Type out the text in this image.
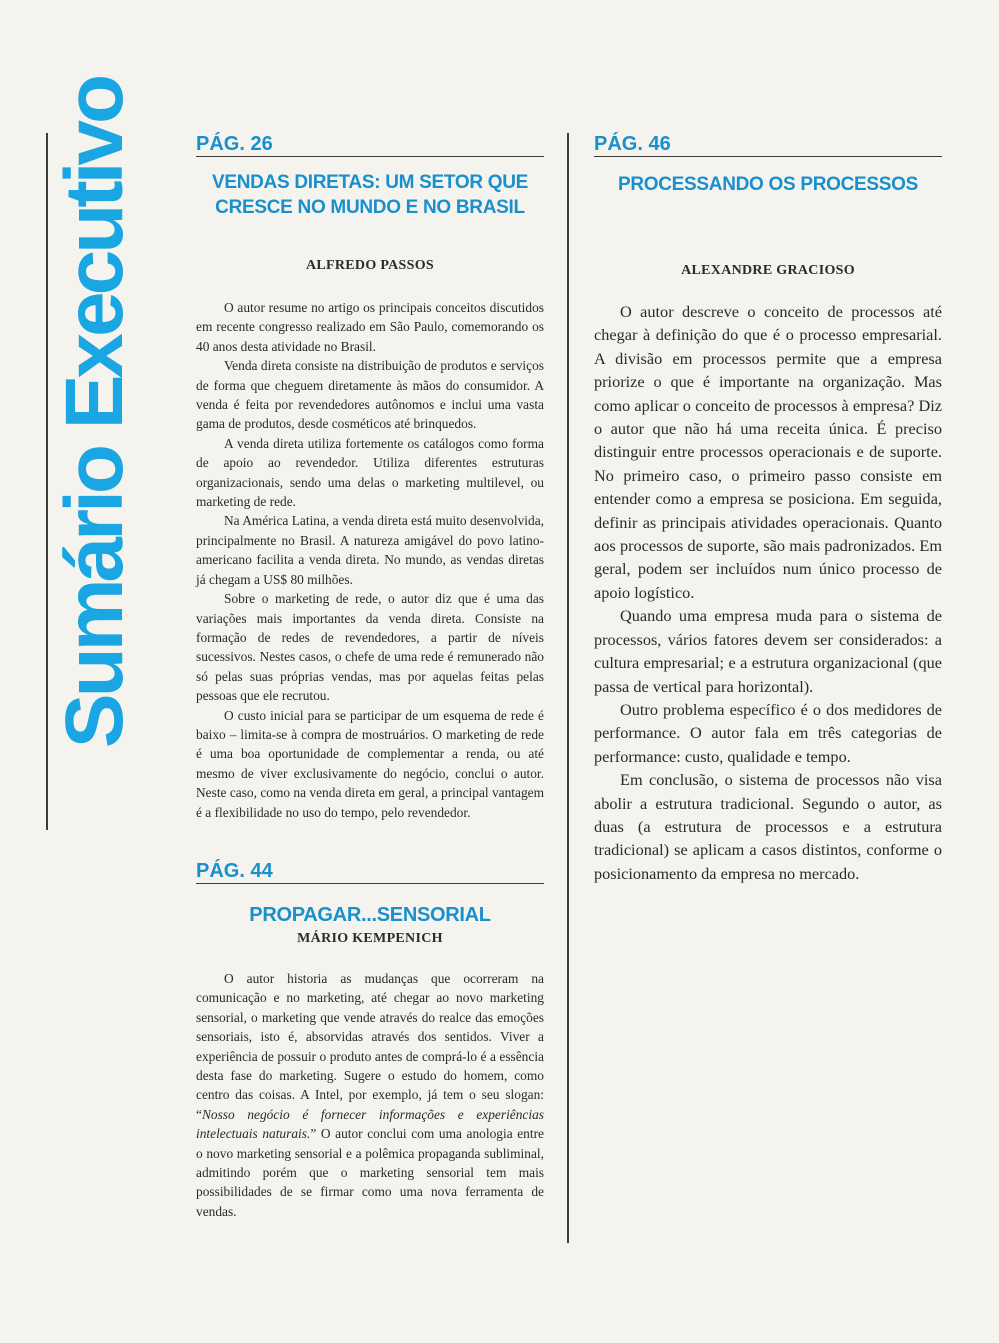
Sumário Executivo	PÁG. 26
VENDAS DIRETAS: UM SETOR QUE
CRESCE NO MUNDO E NO BRASIL
ALFREDO PASSOS

O autor resume no artigo os principais conceitos discutidos em recente congresso realizado em São Paulo, comemorando os 40 anos desta atividade no Brasil.

Venda direta consiste na distribuição de produtos e serviços de forma que cheguem diretamente às mãos do consumidor. A venda é feita por revendedores autônomos e inclui uma vasta gama de produtos, desde cosméticos até brinquedos.

A venda direta utiliza fortemente os catálogos como forma de apoio ao revendedor. Utiliza diferentes estruturas organizacionais, sendo uma delas o marketing multilevel, ou marketing de rede.

Na América Latina, a venda direta está muito desenvolvida, principalmente no Brasil. A natureza amigável do povo latino-americano facilita a venda direta. No mundo, as vendas diretas já chegam a US$ 80 milhões.

Sobre o marketing de rede, o autor diz que é uma das variações mais importantes da venda direta. Consiste na formação de redes de revendedores, a partir de níveis sucessivos. Nestes casos, o chefe de uma rede é remunerado não só pelas suas próprias vendas, mas por aquelas feitas pelas pessoas que ele recrutou.

O custo inicial para se participar de um esquema de rede é baixo – limita-se à compra de mostruários. O marketing de rede é uma boa oportunidade de complementar a renda, ou até mesmo de viver exclusivamente do negócio, conclui o autor. Neste caso, como na venda direta em geral, a principal vantagem é a flexibilidade no uso do tempo, pelo revendedor.

PÁG. 44
PROPAGAR...SENSORIAL
MÁRIO KEMPENICH

O autor historia as mudanças que ocorreram na comunicação e no marketing, até chegar ao novo marketing sensorial, o marketing que vende através do realce das emoções sensoriais, isto é, absorvidas através dos sentidos. Viver a experiência de possuir o produto antes de comprá-lo é a essência desta fase do marketing. Sugere o estudo do homem, como centro das coisas. A Intel, por exemplo, já tem o seu slogan: “Nosso negócio é fornecer informações e experiências intelectuais naturais.” O autor conclui com uma anologia entre o novo marketing sensorial e a polêmica propaganda subliminal, admitindo porém que o marketing sensorial tem mais possibilidades de se firmar como uma nova ferramenta de vendas.

PÁG. 46
PROCESSANDO OS PROCESSOS
ALEXANDRE GRACIOSO

O autor descreve o conceito de processos até chegar à definição do que é o processo empresarial. A divisão em processos permite que a empresa priorize o que é importante na organização. Mas como aplicar o conceito de processos à empresa? Diz o autor que não há uma receita única. É preciso distinguir entre processos operacionais e de suporte. No primeiro caso, o primeiro passo consiste em entender como a empresa se posiciona. Em seguida, definir as principais atividades operacionais. Quanto aos processos de suporte, são mais padronizados. Em geral, podem ser incluídos num único processo de apoio logístico.

Quando uma empresa muda para o sistema de processos, vários fatores devem ser considerados: a cultura empresarial; e a estrutura organizacional (que passa de vertical para horizontal).

Outro problema específico é o dos medidores de performance. O autor fala em três categorias de performance: custo, qualidade e tempo.

Em conclusão, o sistema de processos não visa abolir a estrutura tradicional. Segundo o autor, as duas (a estrutura de processos e a estrutura tradicional) se aplicam a casos distintos, conforme o posicionamento da empresa no mercado.
